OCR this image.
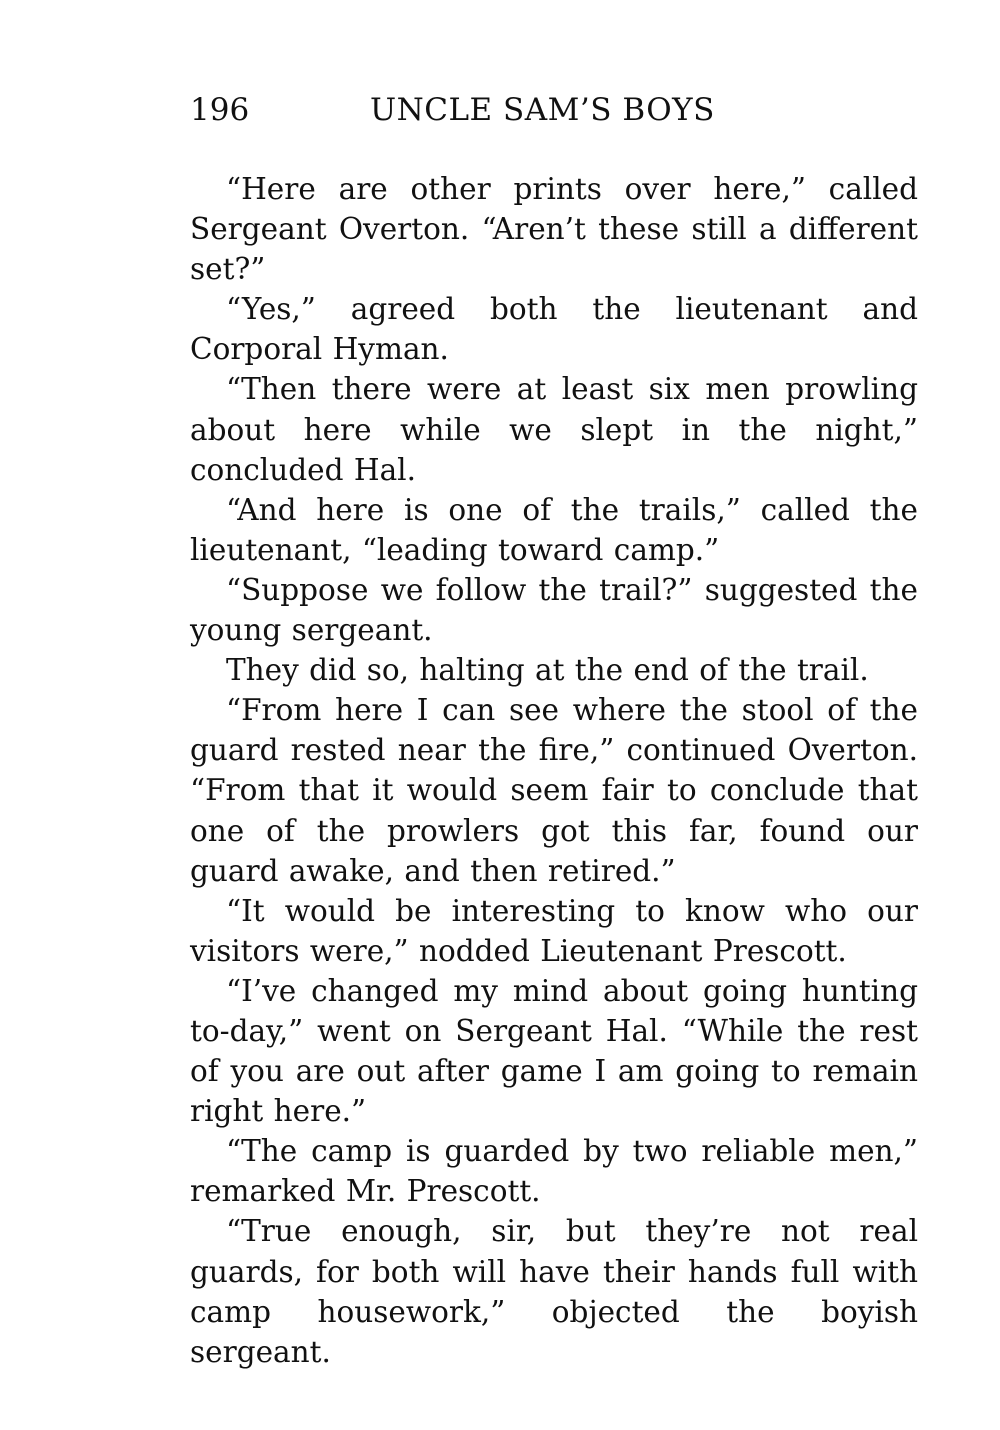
196	UNCLE SAM’S BOYS

“Here are other prints over here,” called Sergeant Overton. “Aren’t these still a different set?”

“Yes,” agreed both the lieutenant and Corporal Hyman.

“Then there were at least six men prowling about here while we slept in the night,” concluded Hal.

“And here is one of the trails,” called the lieutenant, “leading toward camp.”

“Suppose we follow the trail?” suggested the young sergeant.

They did so, halting at the end of the trail.

“From here I can see where the stool of the guard rested near the fire,” continued Overton. “From that it would seem fair to conclude that one of the prowlers got this far, found our guard awake, and then retired.”

“It would be interesting to know who our visitors were,” nodded Lieutenant Prescott.

“I’ve changed my mind about going hunting to-day,” went on Sergeant Hal. “While the rest of you are out after game I am going to remain right here.”

“The camp is guarded by two reliable men,” remarked Mr. Prescott.

“True enough, sir, but they’re not real guards, for both will have their hands full with camp housework,” objected the boyish sergeant.
